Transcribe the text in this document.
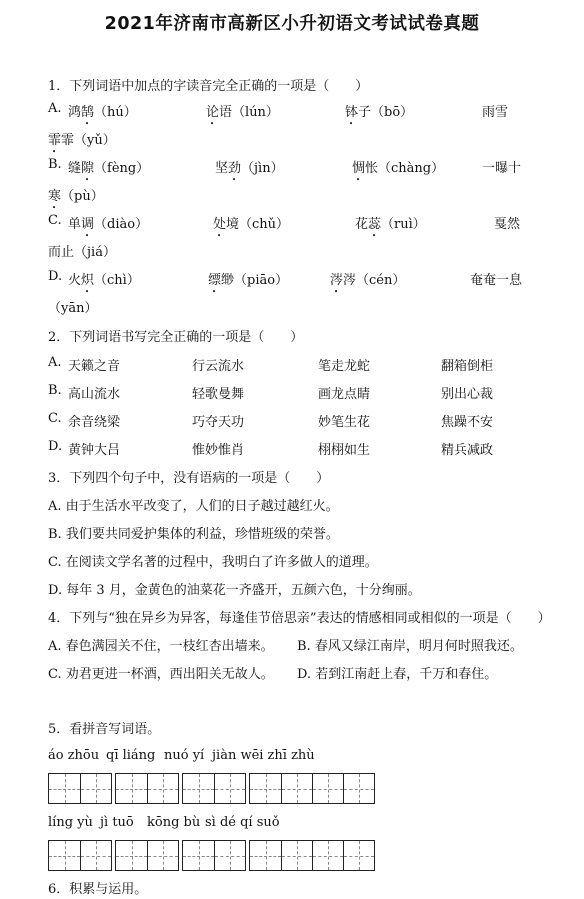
2021年济南市高新区小升初语文考试试卷真题
1．下列词语中加点的字读音完全正确的一项是（　　）
A. 鸿鹄（hú）	论语（lún）	钵子（bō）	雨雪
霏霏（yǔ）
B. 缝隙（fèng）	坚劲（jìn）	惆怅（chàng）	一曝十
寒（pù）
C. 单调（diào）	处境（chǔ）	花蕊（ruì）	戛然
而止（jiá）
D. 火炽（chì）	缥缈（piāo）	涔涔（cén）	奄奄一息
（yān）
2．下列词语书写完全正确的一项是（　　）
A. 天籁之音	行云流水	笔走龙蛇	翻箱倒柜
B. 高山流水	轻歌曼舞	画龙点睛	别出心裁
C. 余音绕梁	巧夺天功	妙笔生花	焦躁不安
D. 黄钟大吕	惟妙惟肖	栩栩如生	精兵减政
3．下列四个句子中，没有语病的一项是（　　）
A. 由于生活水平改变了，人们的日子越过越红火。
B. 我们要共同爱护集体的利益，珍惜班级的荣誉。
C. 在阅读文学名著的过程中，我明白了许多做人的道理。
D. 每年 3 月，金黄色的油菜花一齐盛开，五颜六色，十分绚丽。
4．下列与“独在异乡为异客，每逢佳节倍思亲”表达的情感相同或相似的一项是（　　）
A. 春色满园关不住，一枝红杏出墙来。 B. 春风又绿江南岸，明月何时照我还。
C. 劝君更进一杯酒，西出阳关无故人。 D. 若到江南赶上春，千万和春住。
5．看拼音写词语。
áo zhōu qī liáng nuó yí jiàn wēi zhī zhù
líng yù jì tuō kōng bù sì dé qí suǒ
6．积累与运用。
